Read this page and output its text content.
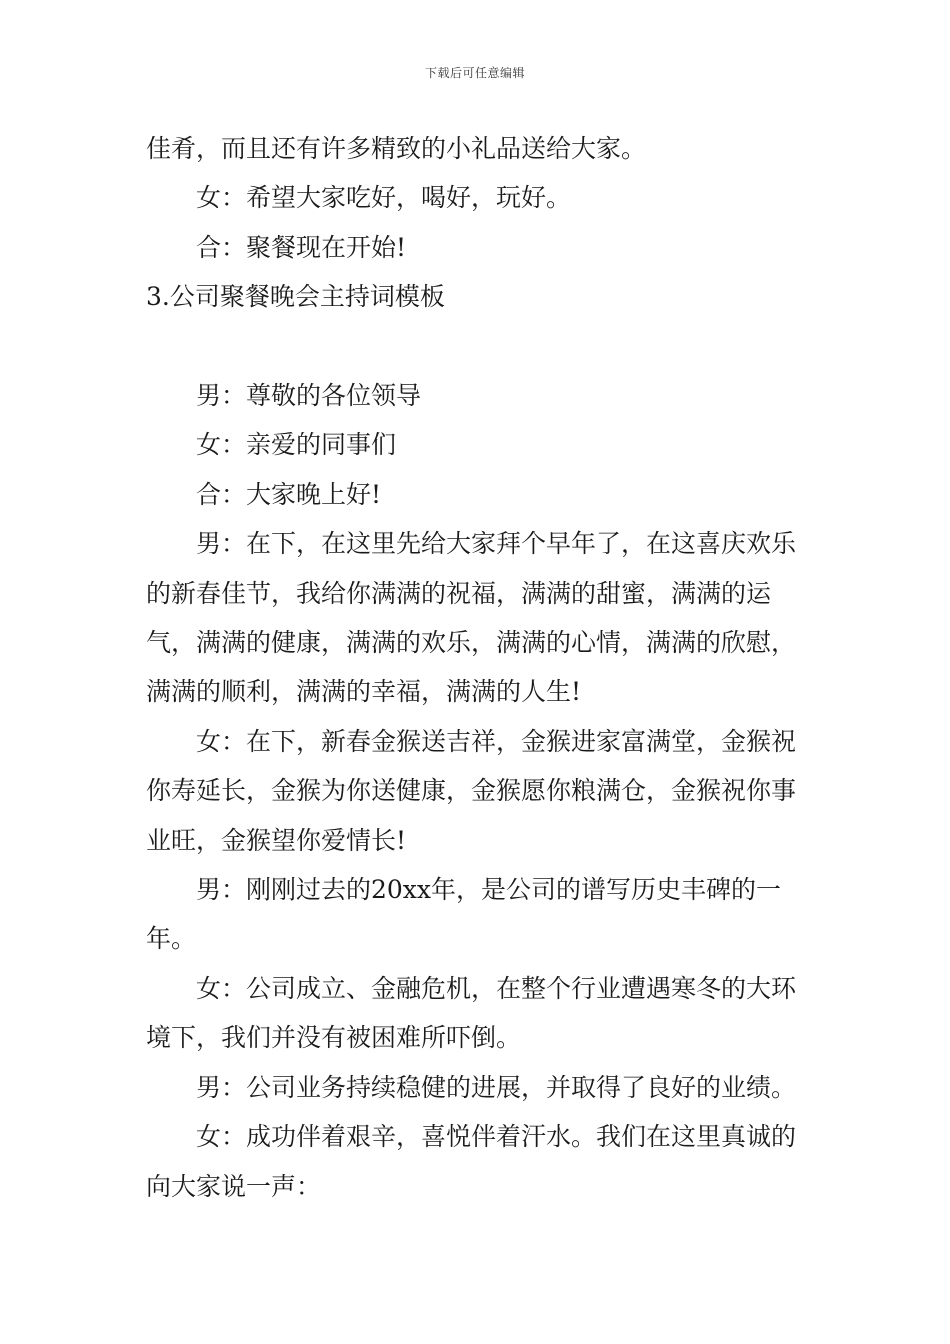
下载后可任意编辑

佳肴，而且还有许多精致的小礼品送给大家。

女：希望大家吃好，喝好，玩好。

合：聚餐现在开始!

3.公司聚餐晚会主持词模板

男：尊敬的各位领导

女：亲爱的同事们

合：大家晚上好!

男：在下，在这里先给大家拜个早年了，在这喜庆欢乐的新春佳节，我给你满满的祝福，满满的甜蜜，满满的运气，满满的健康，满满的欢乐，满满的心情，满满的欣慰，满满的顺利，满满的幸福，满满的人生!

女：在下，新春金猴送吉祥，金猴进家富满堂，金猴祝你寿延长，金猴为你送健康，金猴愿你粮满仓，金猴祝你事业旺，金猴望你爱情长!

男：刚刚过去的20xx年，是公司的谱写历史丰碑的一年。

女：公司成立、金融危机，在整个行业遭遇寒冬的大环境下，我们并没有被困难所吓倒。

男：公司业务持续稳健的进展，并取得了良好的业绩。

女：成功伴着艰辛，喜悦伴着汗水。我们在这里真诚的向大家说一声：
